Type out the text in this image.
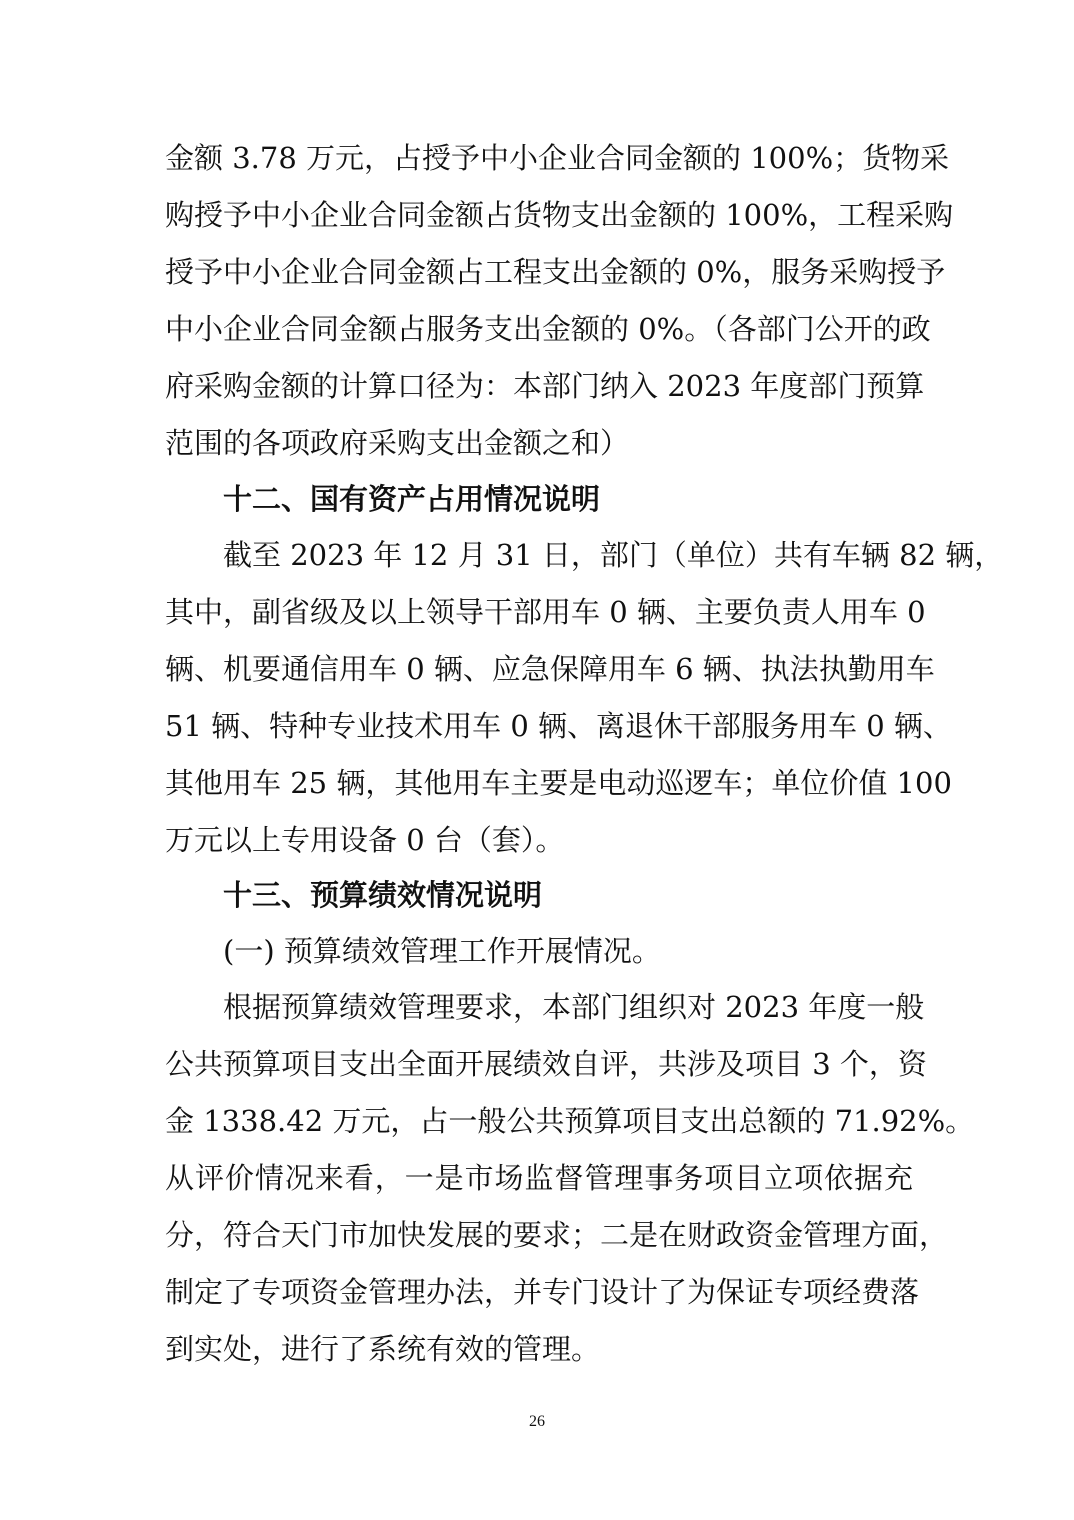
金额 3.78 万元，占授予中小企业合同金额的 100%；货物采
购授予中小企业合同金额占货物支出金额的 100%，工程采购
授予中小企业合同金额占工程支出金额的 0%，服务采购授予
中小企业合同金额占服务支出金额的 0%。（各部门公开的政
府采购金额的计算口径为：本部门纳入 2023 年度部门预算
范围的各项政府采购支出金额之和）
十二、国有资产占用情况说明
截至 2023 年 12 月 31 日，部门（单位）共有车辆 82 辆，
其中，副省级及以上领导干部用车 0 辆、主要负责人用车 0
辆、机要通信用车 0 辆、应急保障用车 6 辆、执法执勤用车
51 辆、特种专业技术用车 0 辆、离退休干部服务用车 0 辆、
其他用车 25 辆，其他用车主要是电动巡逻车；单位价值 100
万元以上专用设备 0 台（套）。
十三、预算绩效情况说明
(一) 预算绩效管理工作开展情况。
根据预算绩效管理要求，本部门组织对 2023 年度一般
公共预算项目支出全面开展绩效自评，共涉及项目 3 个，资
金 1338.42 万元，占一般公共预算项目支出总额的 71.92%。
从评价情况来看，一是市场监督管理事务项目立项依据充
分，符合天门市加快发展的要求；二是在财政资金管理方面，
制定了专项资金管理办法，并专门设计了为保证专项经费落
到实处，进行了系统有效的管理。
26
